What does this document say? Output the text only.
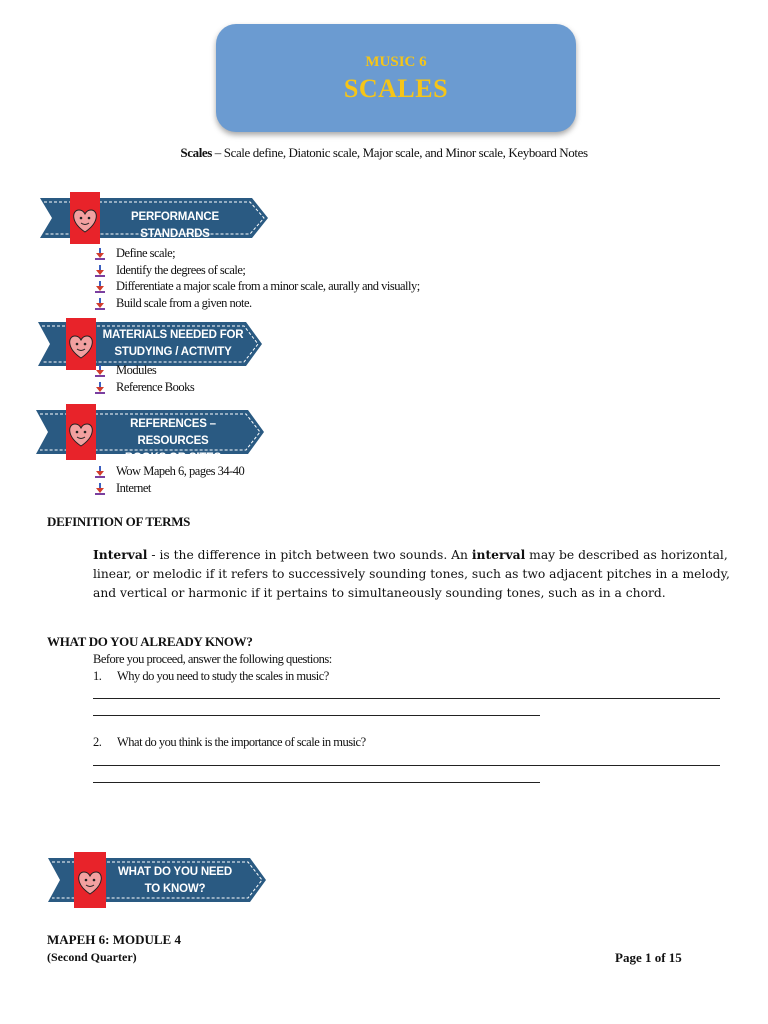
MUSIC 6
SCALES
Scales – Scale define, Diatonic scale, Major scale, and Minor scale, Keyboard Notes
PERFORMANCE STANDARDS
Define scale;
Identify the degrees of scale;
Differentiate a major scale from a minor scale, aurally and visually;
Build scale from a given note.
MATERIALS NEEDED FOR
STUDYING / ACTIVITY
Modules
Reference Books
REFERENCES – RESOURCES
BOOKS OR SITES
Wow Mapeh 6, pages 34-40
Internet
DEFINITION OF TERMS
Interval - is the difference in pitch between two sounds. An interval may be described as horizontal, linear, or melodic if it refers to successively sounding tones, such as two adjacent pitches in a melody, and vertical or harmonic if it pertains to simultaneously sounding tones, such as in a chord.
WHAT DO YOU ALREADY KNOW?
Before you proceed, answer the following questions:
1. Why do you need to study the scales in music?
2. What do you think is the importance of scale in music?
WHAT DO YOU NEED
TO KNOW?
MAPEH 6: MODULE 4
(Second Quarter)	Page 1 of 15
